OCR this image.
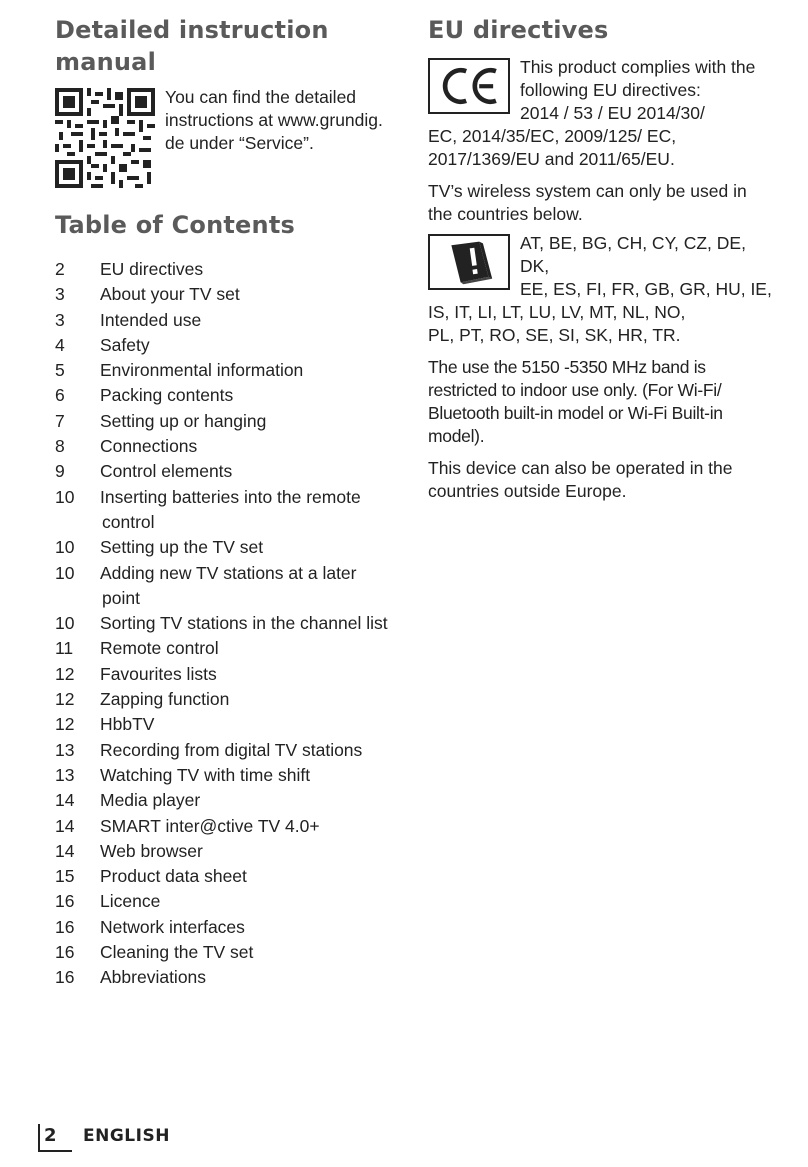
Detailed instruction manual
You can find the detailed
instructions at www.grundig.
de under “Service”.
Table of Contents
2	EU directives
3	About your TV set
3	Intended use
4	Safety
5	Environmental information
6	Packing contents
7	Setting up or hanging
8	Connections
9	Control elements
10	Inserting batteries into the remote
control
10	Setting up the TV set
10	Adding new TV stations at a later
point
10	Sorting TV stations in the channel list
11	Remote control
12	Favourites lists
12	Zapping function
12	HbbTV
13	Recording from digital TV stations
13	Watching TV with time shift
14	Media player
14	SMART inter@ctive TV 4.0+
14	Web browser
15	Product data sheet
16	Licence
16	Network interfaces
16	Cleaning the TV set
16	Abbreviations
EU directives

This product complies with the

following EU directives:

2014 / 53 / EU 2014/30/

EC, 2014/35/EC, 2009/125/ EC,

2017/1369/EU and 2011/65/EU.

TV’s wireless system can only be used in

the countries below.

AT, BE, BG, CH, CY, CZ, DE, DK,

EE, ES, FI, FR, GB, GR, HU, IE,

IS, IT, LI, LT, LU, LV, MT, NL, NO,

PL, PT, RO, SE, SI, SK, HR, TR.

The use the 5150 -5350 MHz band is

restricted to indoor use only. (For Wi-Fi/

Bluetooth built-in model or Wi-Fi Built-in

model).

This device can also be operated in the

countries outside Europe.

2 ENGLISH
